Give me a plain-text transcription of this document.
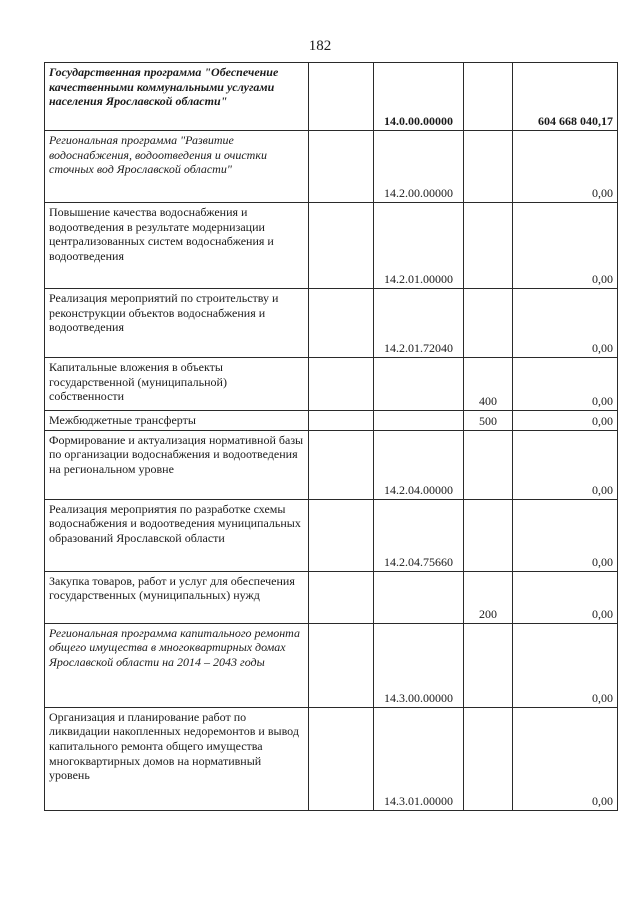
182
Государственная программа "Обеспечение качественными коммунальными услугами населения Ярославской области"		14.0.00.00000		604 668 040,17
Региональная программа "Развитие водоснабжения, водоотведения и очистки сточных вод Ярославской области"		14.2.00.00000		0,00
Повышение качества водоснабжения и водоотведения в результате модернизации централизованных систем водоснабжения и водоотведения		14.2.01.00000		0,00
Реализация мероприятий по строительству и реконструкции объектов водоснабжения и водоотведения		14.2.01.72040		0,00
Капитальные вложения в объекты государственной (муниципальной) собственности			400	0,00
Межбюджетные трансферты			500	0,00
Формирование и актуализация нормативной базы по организации водоснабжения и водоотведения на региональном уровне		14.2.04.00000		0,00
Реализация мероприятия по разработке схемы водоснабжения и водоотведения муниципальных образований Ярославской области		14.2.04.75660		0,00
Закупка товаров, работ и услуг для обеспечения государственных (муниципальных) нужд			200	0,00
Региональная программа капитального ремонта общего имущества в многоквартирных домах Ярославской области на 2014 – 2043 годы		14.3.00.00000		0,00
Организация и планирование работ по ликвидации накопленных недоремонтов и вывод капитального ремонта общего имущества многоквартирных домов на нормативный уровень		14.3.01.00000		0,00
